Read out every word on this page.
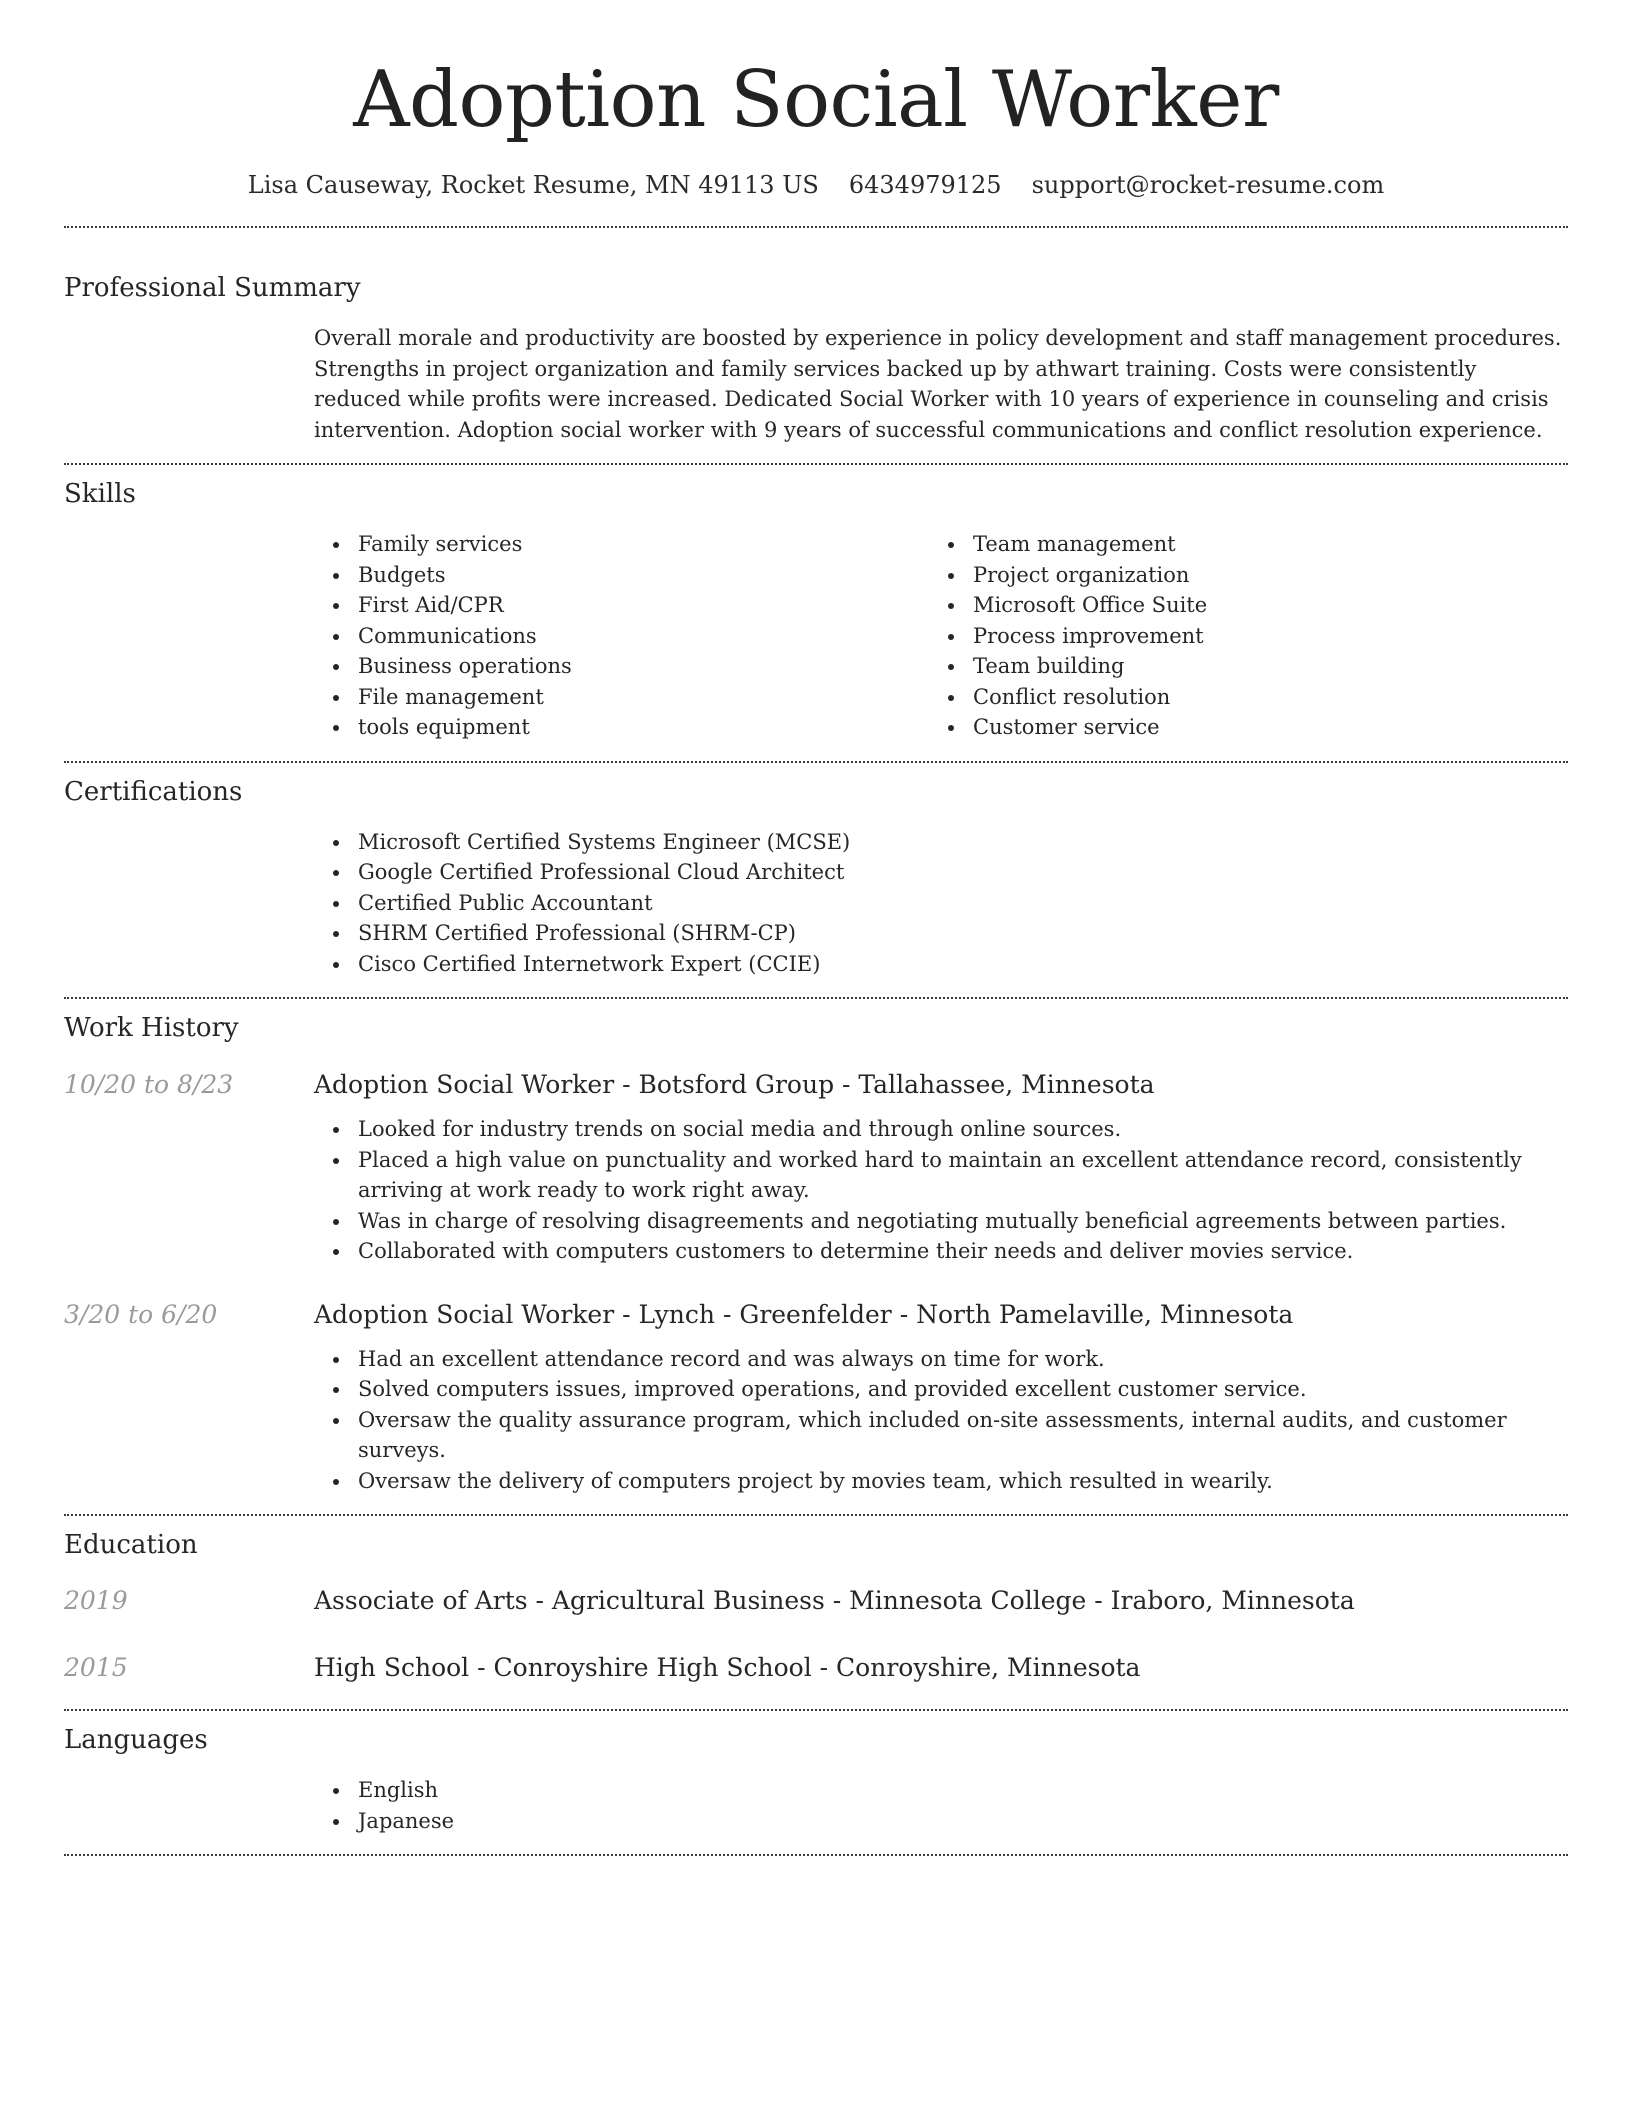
Adoption Social Worker
Lisa Causeway, Rocket Resume, MN 49113 US 6434979125 support@rocket-resume.com
Professional Summary
Overall morale and productivity are boosted by experience in policy development and staff management procedures. Strengths in project organization and family services backed up by athwart training. Costs were consistently reduced while profits were increased. Dedicated Social Worker with 10 years of experience in counseling and crisis intervention. Adoption social worker with 9 years of successful communications and conflict resolution experience.
Skills
Family services
Budgets
First Aid/CPR
Communications
Business operations
File management
tools equipment
Team management
Project organization
Microsoft Office Suite
Process improvement
Team building
Conflict resolution
Customer service
Certifications
Microsoft Certified Systems Engineer (MCSE)
Google Certified Professional Cloud Architect
Certified Public Accountant
SHRM Certified Professional (SHRM-CP)
Cisco Certified Internetwork Expert (CCIE)
Work History
10/20 to 8/23	Adoption Social Worker - Botsford Group - Tallahassee, Minnesota
Looked for industry trends on social media and through online sources.
Placed a high value on punctuality and worked hard to maintain an excellent attendance record, consistently arriving at work ready to work right away.
Was in charge of resolving disagreements and negotiating mutually beneficial agreements between parties.
Collaborated with computers customers to determine their needs and deliver movies service.
3/20 to 6/20	Adoption Social Worker - Lynch - Greenfelder - North Pamelaville, Minnesota
Had an excellent attendance record and was always on time for work.
Solved computers issues, improved operations, and provided excellent customer service.
Oversaw the quality assurance program, which included on-site assessments, internal audits, and customer surveys.
Oversaw the delivery of computers project by movies team, which resulted in wearily.
Education
2019	Associate of Arts - Agricultural Business - Minnesota College - Iraboro, Minnesota
2015	High School - Conroyshire High School - Conroyshire, Minnesota
Languages
English
Japanese
